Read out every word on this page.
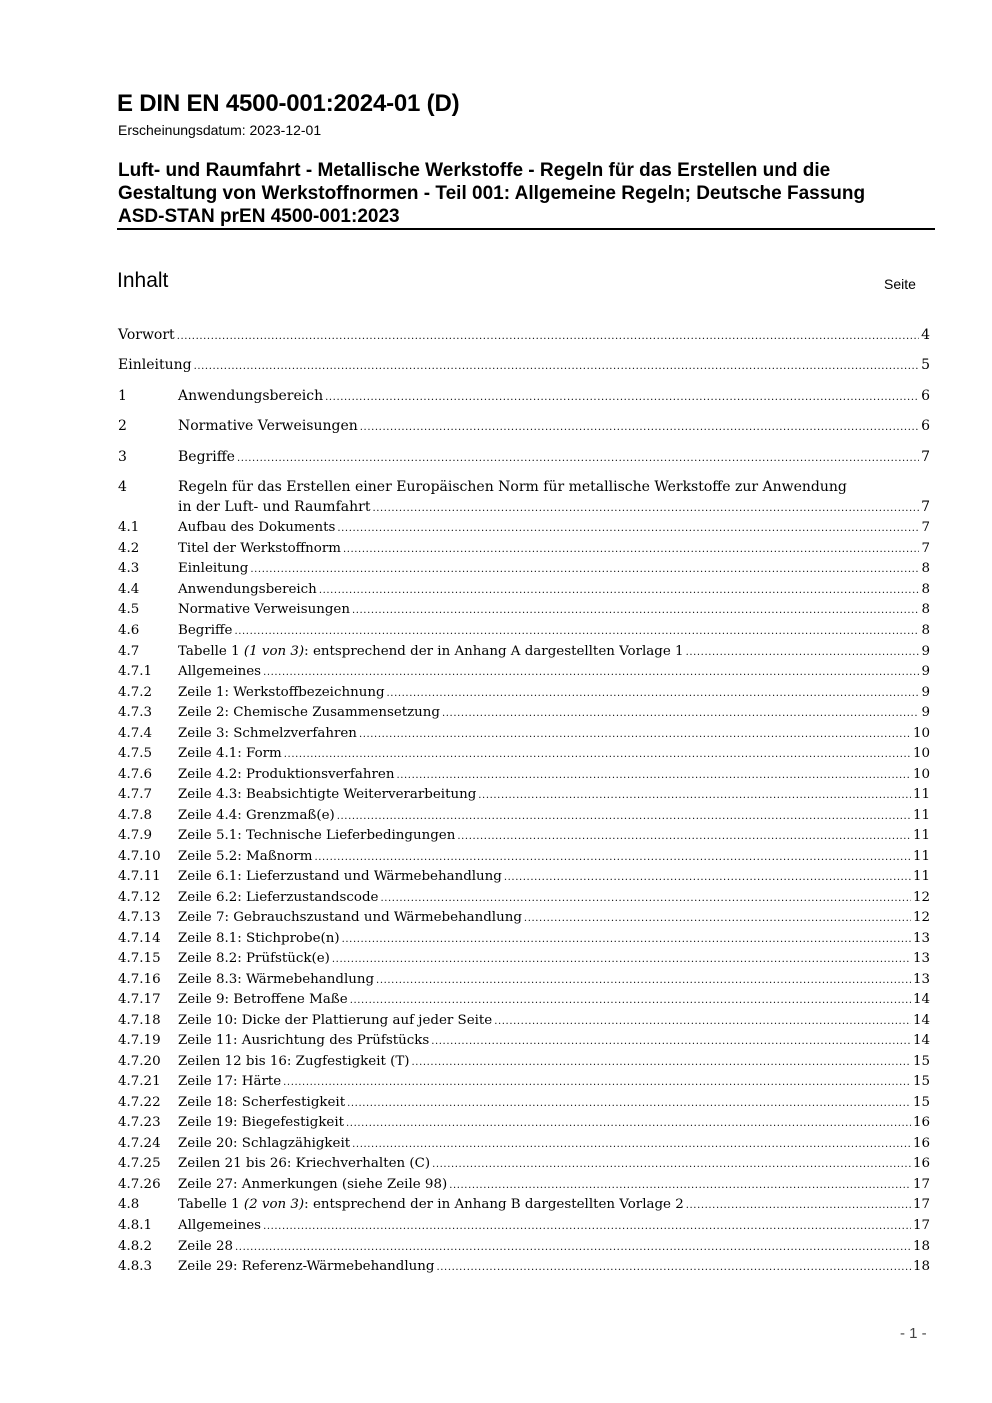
E DIN EN 4500-001:2024-01 (D)
Erscheinungsdatum: 2023-12-01
Luft- und Raumfahrt - Metallische Werkstoffe - Regeln für das Erstellen und die
Gestaltung von Werkstoffnormen - Teil 001: Allgemeine Regeln; Deutsche Fassung
ASD-STAN prEN 4500-001:2023
Inhalt	Seite
Vorwort .....	4
Einleitung .....	5
1	Anwendungsbereich .....	6
2	Normative Verweisungen .....	6
3	Begriffe .....	7
4	Regeln für das Erstellen einer Europäischen Norm für metallische Werkstoffe zur Anwendung
in der Luft- und Raumfahrt .....	7
4.1	Aufbau des Dokuments .....	7
4.2	Titel der Werkstoffnorm .....	7
4.3	Einleitung .....	8
4.4	Anwendungsbereich .....	8
4.5	Normative Verweisungen .....	8
4.6	Begriffe .....	8
4.7	Tabelle 1 (1 von 3): entsprechend der in Anhang A dargestellten Vorlage 1 .....	9
4.7.1	Allgemeines .....	9
4.7.2	Zeile 1: Werkstoffbezeichnung .....	9
4.7.3	Zeile 2: Chemische Zusammensetzung .....	9
4.7.4	Zeile 3: Schmelzverfahren .....	10
4.7.5	Zeile 4.1: Form .....	10
4.7.6	Zeile 4.2: Produktionsverfahren .....	10
4.7.7	Zeile 4.3: Beabsichtigte Weiterverarbeitung .....	11
4.7.8	Zeile 4.4: Grenzmaß(e) .....	11
4.7.9	Zeile 5.1: Technische Lieferbedingungen .....	11
4.7.10	Zeile 5.2: Maßnorm .....	11
4.7.11	Zeile 6.1: Lieferzustand und Wärmebehandlung .....	11
4.7.12	Zeile 6.2: Lieferzustandscode .....	12
4.7.13	Zeile 7: Gebrauchszustand und Wärmebehandlung .....	12
4.7.14	Zeile 8.1: Stichprobe(n) .....	13
4.7.15	Zeile 8.2: Prüfstück(e) .....	13
4.7.16	Zeile 8.3: Wärmebehandlung .....	13
4.7.17	Zeile 9: Betroffene Maße .....	14
4.7.18	Zeile 10: Dicke der Plattierung auf jeder Seite .....	14
4.7.19	Zeile 11: Ausrichtung des Prüfstücks .....	14
4.7.20	Zeilen 12 bis 16: Zugfestigkeit (T) .....	15
4.7.21	Zeile 17: Härte .....	15
4.7.22	Zeile 18: Scherfestigkeit .....	15
4.7.23	Zeile 19: Biegefestigkeit .....	16
4.7.24	Zeile 20: Schlagzähigkeit .....	16
4.7.25	Zeilen 21 bis 26: Kriechverhalten (C) .....	16
4.7.26	Zeile 27: Anmerkungen (siehe Zeile 98) .....	17
4.8	Tabelle 1 (2 von 3): entsprechend der in Anhang B dargestellten Vorlage 2 .....	17
4.8.1	Allgemeines .....	17
4.8.2	Zeile 28 .....	18
4.8.3	Zeile 29: Referenz-Wärmebehandlung .....	18
- 1 -
